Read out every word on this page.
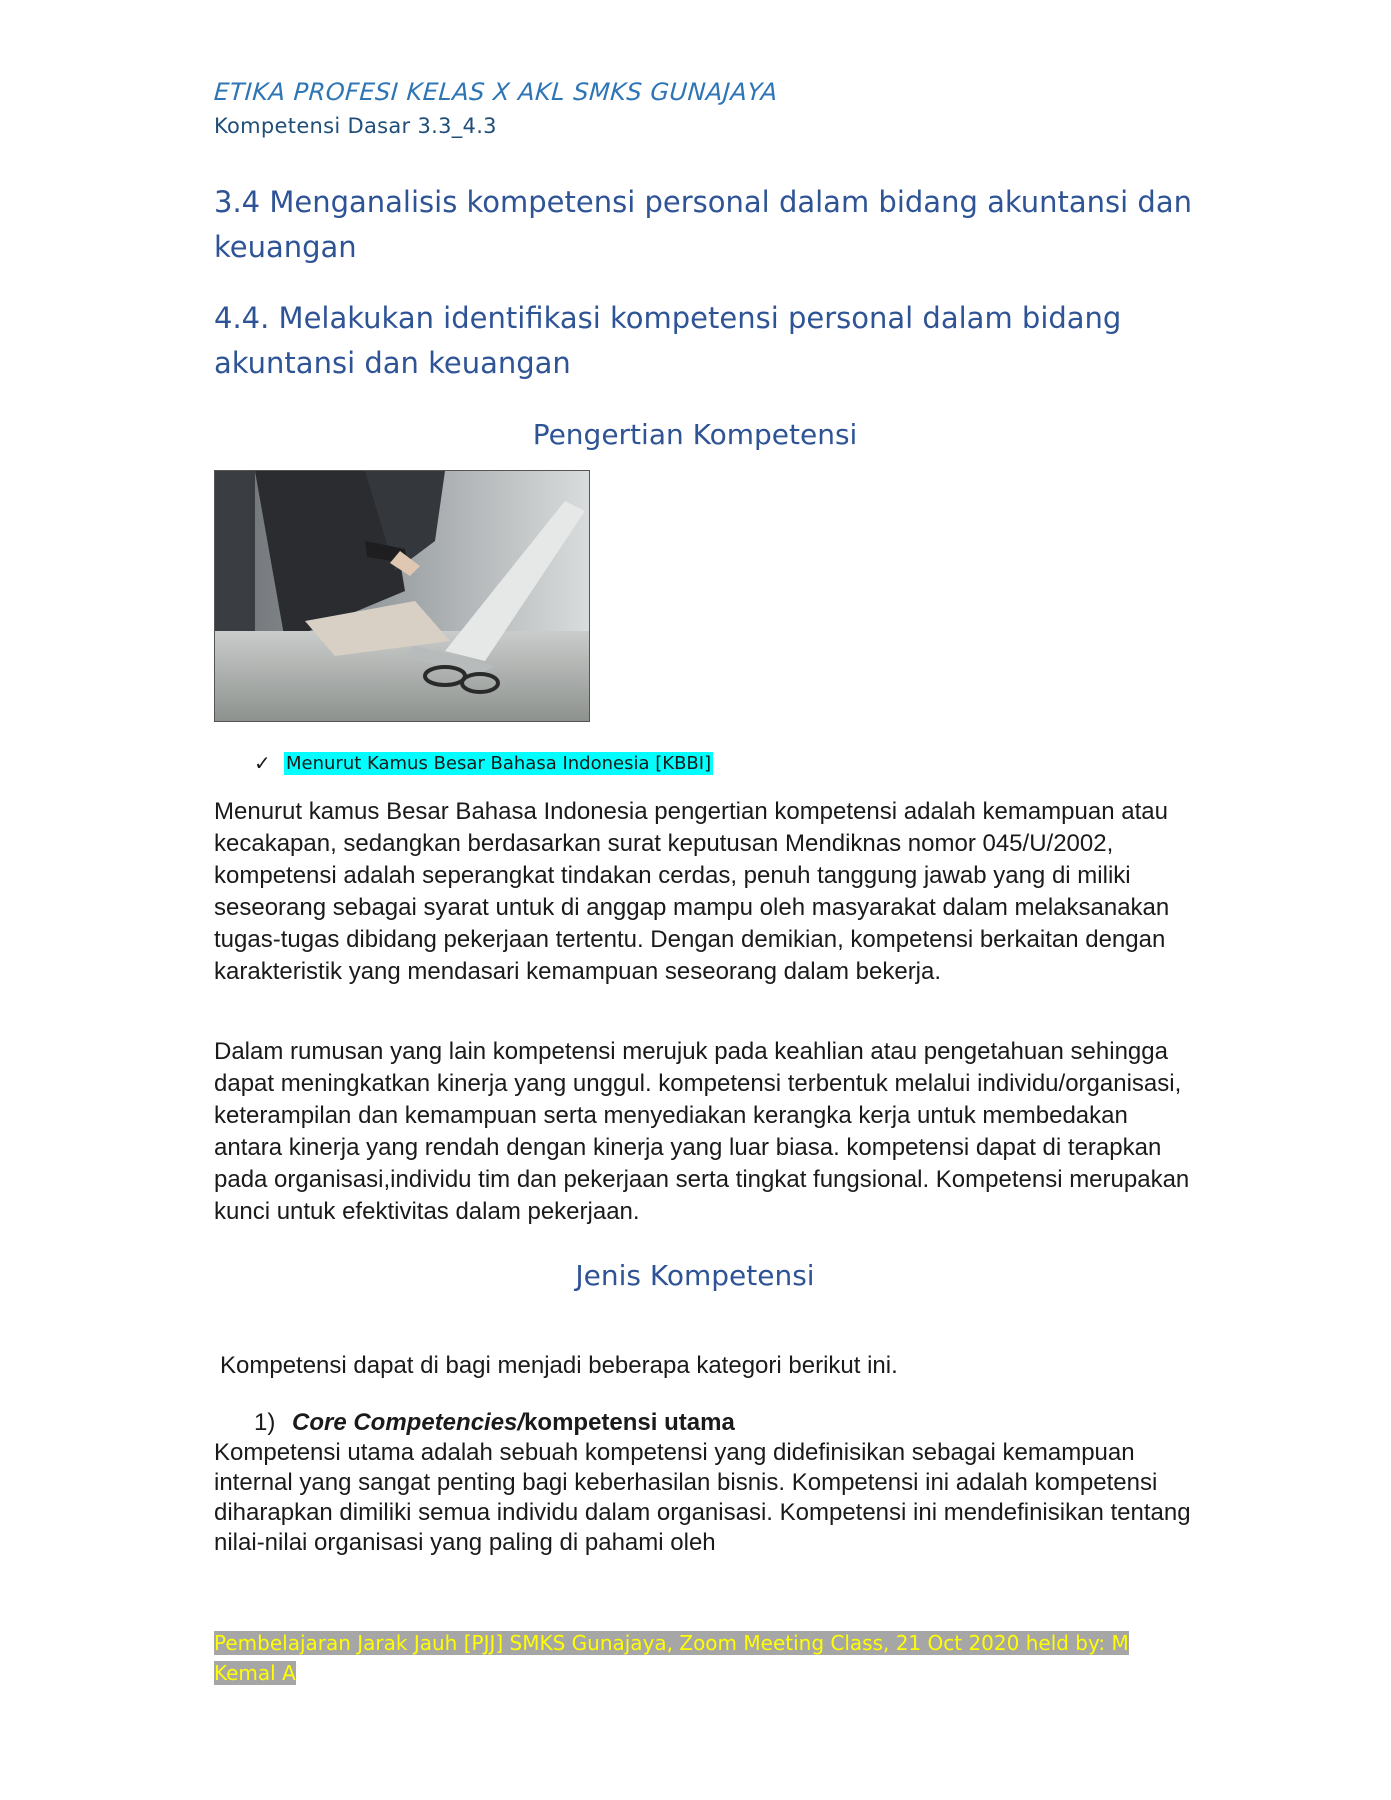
ETIKA PROFESI KELAS X AKL SMKS GUNAJAYA
Kompetensi Dasar 3.3_4.3
3.4 Menganalisis kompetensi personal dalam bidang akuntansi dan keuangan
4.4. Melakukan identifikasi kompetensi personal dalam bidang akuntansi dan keuangan
Pengertian Kompetensi
✓ Menurut Kamus Besar Bahasa Indonesia [KBBI]

Menurut kamus Besar Bahasa Indonesia pengertian kompetensi adalah kemampuan atau kecakapan, sedangkan berdasarkan surat keputusan Mendiknas nomor 045/U/2002, kompetensi adalah seperangkat tindakan cerdas, penuh tanggung jawab yang di miliki seseorang sebagai syarat untuk di anggap mampu oleh masyarakat dalam melaksanakan tugas-tugas dibidang pekerjaan tertentu. Dengan demikian, kompetensi berkaitan dengan karakteristik yang mendasari kemampuan seseorang dalam bekerja.

Dalam rumusan yang lain kompetensi merujuk pada keahlian atau pengetahuan sehingga dapat meningkatkan kinerja yang unggul. kompetensi terbentuk melalui individu/organisasi, keterampilan dan kemampuan serta menyediakan kerangka kerja untuk membedakan antara kinerja yang rendah dengan kinerja yang luar biasa. kompetensi dapat di terapkan pada organisasi,individu tim dan pekerjaan serta tingkat fungsional. Kompetensi merupakan kunci untuk efektivitas dalam pekerjaan.

Jenis Kompetensi

Kompetensi dapat di bagi menjadi beberapa kategori berikut ini.

1) Core Competencies/kompetensi utama

Kompetensi utama adalah sebuah kompetensi yang didefinisikan sebagai kemampuan internal yang sangat penting bagi keberhasilan bisnis. Kompetensi ini adalah kompetensi diharapkan dimiliki semua individu dalam organisasi. Kompetensi ini mendefinisikan tentang nilai-nilai organisasi yang paling di pahami oleh

Pembelajaran Jarak Jauh [PJJ] SMKS Gunajaya, Zoom Meeting Class, 21 Oct 2020 held by: M Kemal A
